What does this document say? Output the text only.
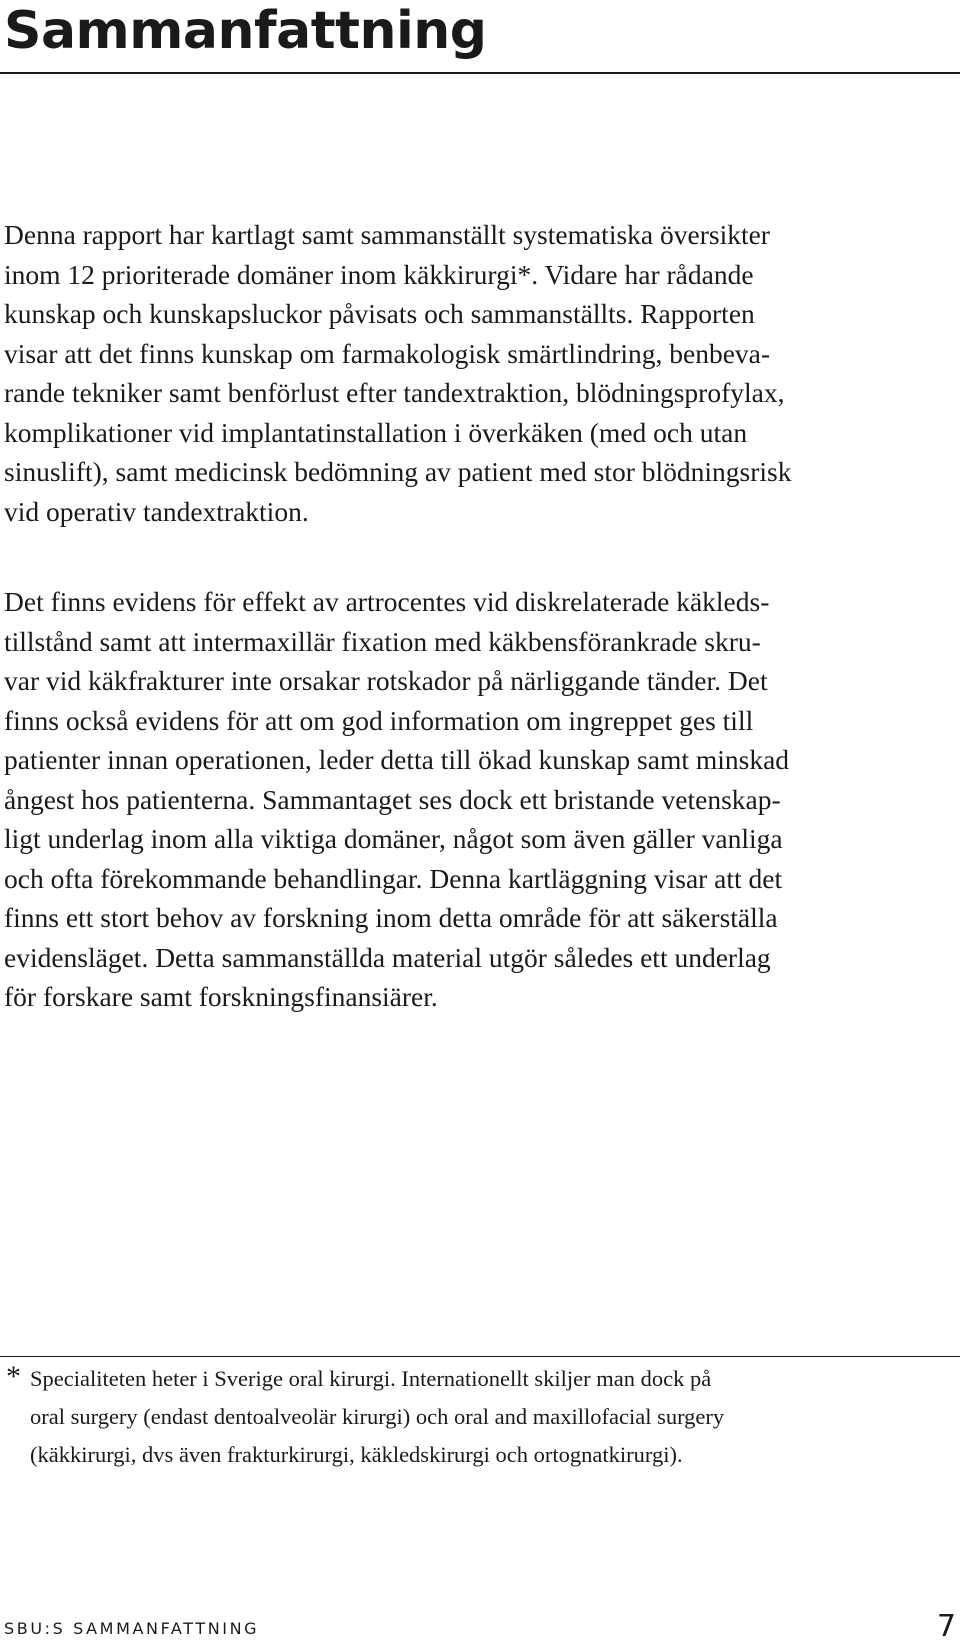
Sammanfattning

Denna rapport har kartlagt samt sammanställt systematiska översikter
inom 12 prioriterade domäner inom käkkirurgi*. Vidare har rådande
kunskap och kunskapsluckor påvisats och sammanställts. Rapporten
visar att det finns kunskap om farmakologisk smärtlindring, benbeva-
rande tekniker samt benförlust efter tandextraktion, blödningsprofylax,
komplikationer vid implantatinstallation i överkäken (med och utan
sinuslift), samt medicinsk bedömning av patient med stor blödningsrisk
vid operativ tandextraktion.

Det finns evidens för effekt av artrocentes vid diskrelaterade käkleds-
tillstånd samt att intermaxillär fixation med käkbensförankrade skru-
var vid käkfrakturer inte orsakar rotskador på närliggande tänder. Det
finns också evidens för att om god information om ingreppet ges till
patienter innan operationen, leder detta till ökad kunskap samt minskad
ångest hos patienterna. Sammantaget ses dock ett bristande vetenskap-
ligt underlag inom alla viktiga domäner, något som även gäller vanliga
och ofta förekommande behandlingar. Denna kartläggning visar att det
finns ett stort behov av forskning inom detta område för att säkerställa
evidensläget. Detta sammanställda material utgör således ett underlag
för forskare samt forskningsfinansiärer.

* Specialiteten heter i Sverige oral kirurgi. Internationellt skiljer man dock på
oral surgery (endast dentoalveolär kirurgi) och oral and maxillofacial surgery
(käkkirurgi, dvs även frakturkirurgi, käkledskirurgi och ortognatkirurgi).

SBU:S SAMMANFATTNING	7
